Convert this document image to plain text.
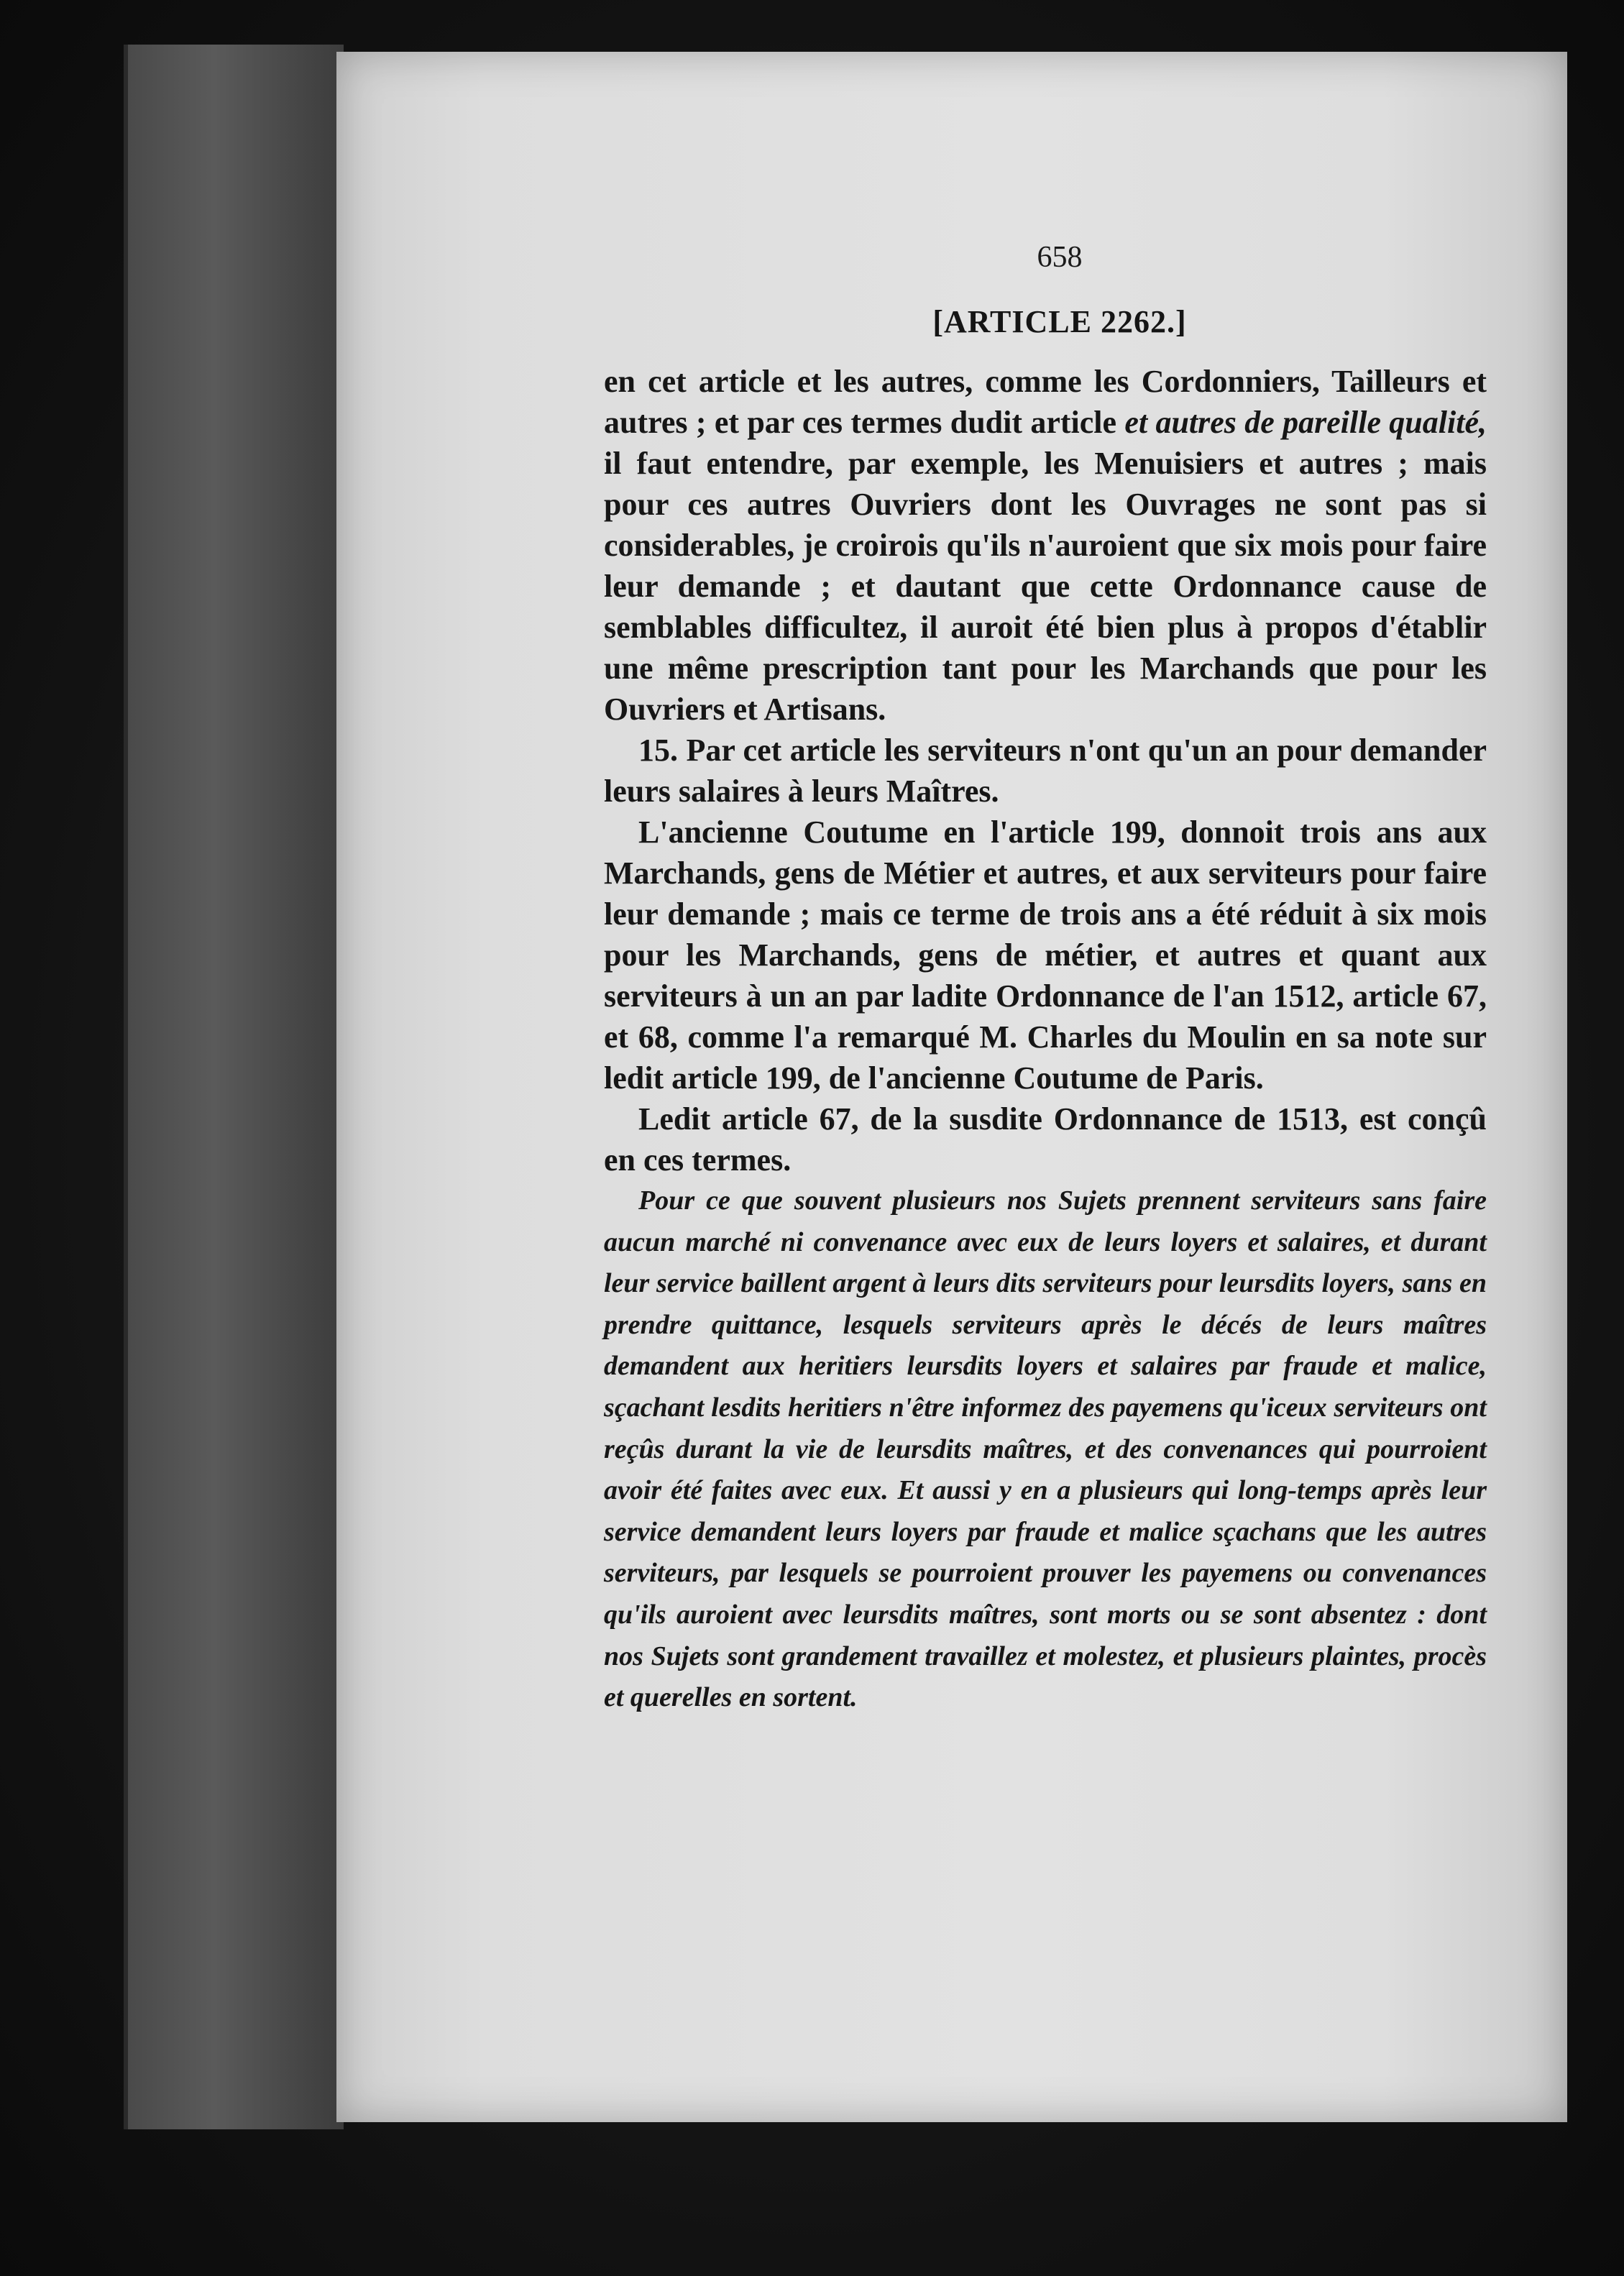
658
[ARTICLE 2262.]

en cet article et les autres, comme les Cordonniers, Tailleurs et autres ; et par ces termes dudit article et autres de pareille qualité, il faut entendre, par exemple, les Menuisiers et autres ; mais pour ces autres Ouvriers dont les Ouvrages ne sont pas si considerables, je croirois qu'ils n'auroient que six mois pour faire leur demande ; et dautant que cette Ordonnance cause de semblables difficultez, il auroit été bien plus à propos d'établir une même prescription tant pour les Marchands que pour les Ouvriers et Artisans.

15. Par cet article les serviteurs n'ont qu'un an pour demander leurs salaires à leurs Maîtres.

L'ancienne Coutume en l'article 199, donnoit trois ans aux Marchands, gens de Métier et autres, et aux serviteurs pour faire leur demande ; mais ce terme de trois ans a été réduit à six mois pour les Marchands, gens de métier, et autres et quant aux serviteurs à un an par ladite Ordonnance de l'an 1512, article 67, et 68, comme l'a remarqué M. Charles du Moulin en sa note sur ledit article 199, de l'ancienne Coutume de Paris.

Ledit article 67, de la susdite Ordonnance de 1513, est conçû en ces termes.

Pour ce que souvent plusieurs nos Sujets prennent serviteurs sans faire aucun marché ni convenance avec eux de leurs loyers et salaires, et durant leur service baillent argent à leurs dits serviteurs pour leursdits loyers, sans en prendre quittance, lesquels serviteurs après le décés de leurs maîtres demandent aux heritiers leursdits loyers et salaires par fraude et malice, sçachant lesdits heritiers n'être informez des payemens qu'iceux serviteurs ont reçûs durant la vie de leursdits maîtres, et des convenances qui pourroient avoir été faites avec eux. Et aussi y en a plusieurs qui long-temps après leur service demandent leurs loyers par fraude et malice sçachans que les autres serviteurs, par lesquels se pourroient prouver les payemens ou convenances qu'ils auroient avec leursdits maîtres, sont morts ou se sont absentez : dont nos Sujets sont grandement travaillez et molestez, et plusieurs plaintes, procès et querelles en sortent.
